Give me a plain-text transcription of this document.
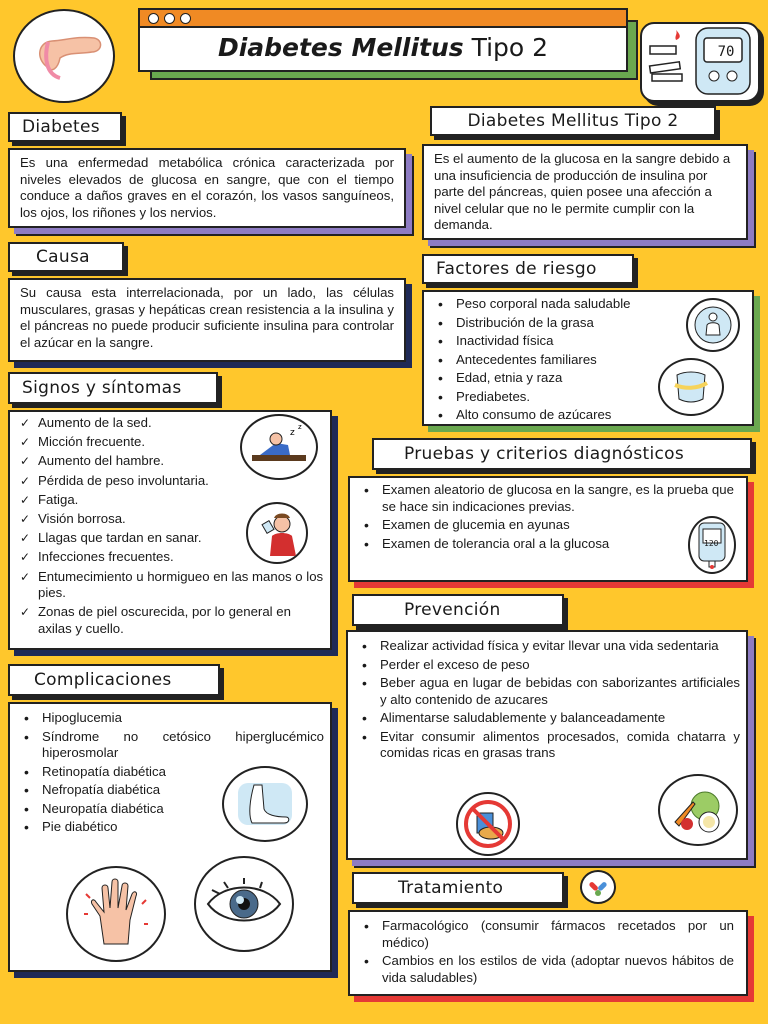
Diabetes Mellitus Tipo 2	70
Diabetes
Es una enfermedad metabólica crónica caracterizada por niveles elevados de glucosa en sangre, que con el tiempo conduce a daños graves en el corazón, los vasos sanguíneos, los ojos, los riñones y los nervios.
Diabetes Mellitus Tipo 2
Es el aumento de la glucosa en la sangre debido a una insuficiencia de producción de insulina por parte del páncreas, quien posee una afección a nivel celular que no le permite cumplir con la demanda.
Causa
Su causa esta interrelacionada, por un lado, las células musculares, grasas y hepáticas crean resistencia a la insulina y el páncreas no puede producir suficiente insulina para controlar el azúcar en la sangre.
Factores de riesgo
• Peso corporal nada saludable
• Distribución de la grasa
• Inactividad física
• Antecedentes familiares
• Edad, etnia y raza
• Prediabetes.
• Alto consumo de azúcares
Signos y síntomas
✓ Aumento de la sed.
✓ Micción frecuente.
✓ Aumento del hambre.
✓ Pérdida de peso involuntaria.
✓ Fatiga.
✓ Visión borrosa.
✓ Llagas que tardan en sanar.
✓ Infecciones frecuentes.
✓ Entumecimiento u hormigueo en las manos o los pies.
✓ Zonas de piel oscurecida, por lo general en axilas y cuello.
z
z
Pruebas y criterios diagnósticos
• Examen aleatorio de glucosa en la sangre, es la prueba que se hace sin indicaciones previas.
• Examen de glucemia en ayunas
• Examen de tolerancia oral a la glucosa	120
Prevención
• Realizar actividad física y evitar llevar una vida sedentaria
• Perder el exceso de peso
• Beber agua en lugar de bebidas con saborizantes artificiales y alto contenido de azucares
• Alimentarse saludablemente y balanceadamente
• Evitar consumir alimentos procesados, comida chatarra y comidas ricas en grasas trans
Complicaciones
• Hipoglucemia
• Síndrome no cetósico hiperglucémico hiperosmolar
• Retinopatía diabética
• Nefropatía diabética
• Neuropatía diabética
• Pie diabético
Tratamiento
• Farmacológico (consumir fármacos recetados por un médico)
• Cambios en los estilos de vida (adoptar nuevos hábitos de vida saludables)
